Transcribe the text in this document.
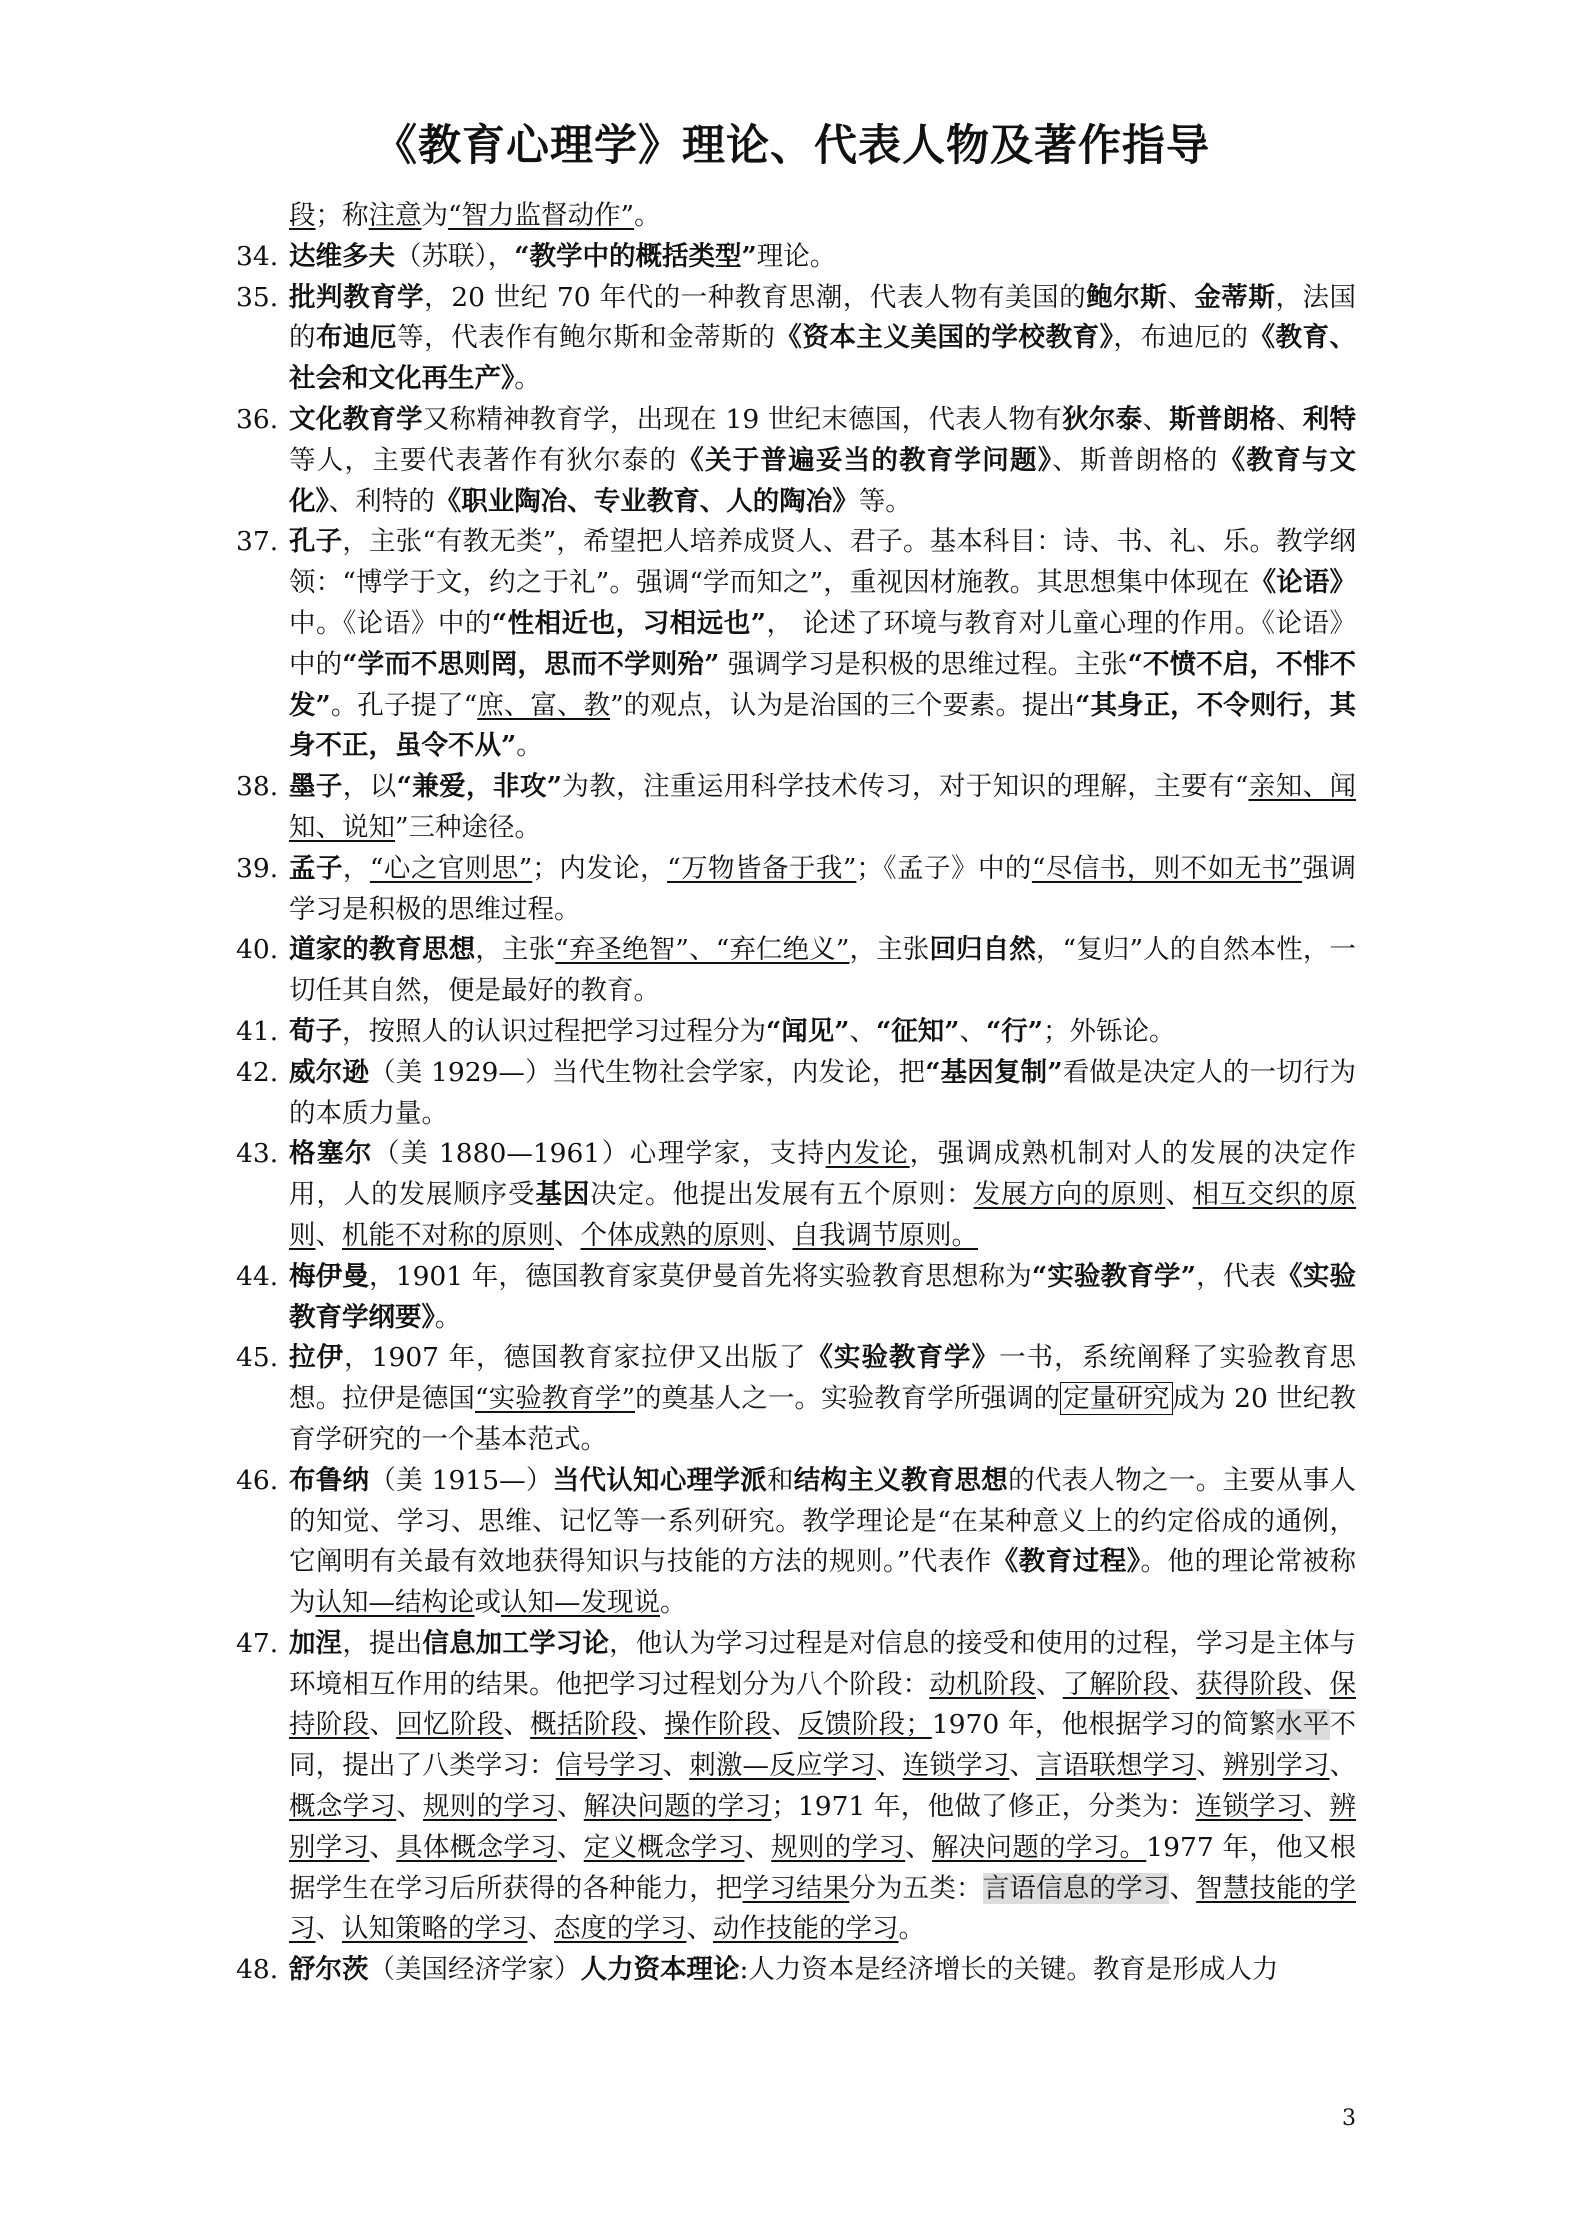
《教育心理学》理论、代表人物及著作指导
段；称注意为“智力监督动作”。
34. 达维多夫（苏联），“教学中的概括类型”理论。
35. 批判教育学，20 世纪 70 年代的一种教育思潮，代表人物有美国的鲍尔斯、金蒂斯，法国的布迪厄等，代表作有鲍尔斯和金蒂斯的《资本主义美国的学校教育》，布迪厄的《教育、社会和文化再生产》。
36. 文化教育学又称精神教育学，出现在 19 世纪末德国，代表人物有狄尔泰、斯普朗格、利特等人，主要代表著作有狄尔泰的《关于普遍妥当的教育学问题》、斯普朗格的《教育与文化》、利特的《职业陶冶、专业教育、人的陶冶》等。
37. 孔子，主张“有教无类”，希望把人培养成贤人、君子。基本科目：诗、书、礼、乐。教学纲领：“博学于文，约之于礼”。强调“学而知之”，重视因材施教。其思想集中体现在《论语》中。《论语》中的“性相近也，习相远也”， 论述了环境与教育对儿童心理的作用。《论语》中的“学而不思则罔，思而不学则殆” 强调学习是积极的思维过程。主张“不愤不启，不悱不发”。孔子提了“庶、富、教”的观点，认为是治国的三个要素。提出“其身正，不令则行，其身不正，虽令不从”。
38. 墨子，以“兼爱，非攻”为教，注重运用科学技术传习，对于知识的理解，主要有“亲知、闻知、说知”三种途径。
39. 孟子，“心之官则思”；内发论，“万物皆备于我”；《孟子》中的“尽信书，则不如无书”强调学习是积极的思维过程。
40. 道家的教育思想，主张“弃圣绝智”、“弃仁绝义”，主张回归自然，“复归”人的自然本性，一切任其自然，便是最好的教育。
41. 荀子，按照人的认识过程把学习过程分为“闻见”、“征知”、“行”；外铄论。
42. 威尔逊（美 1929—）当代生物社会学家，内发论，把“基因复制”看做是决定人的一切行为的本质力量。
43. 格塞尔（美 1880—1961）心理学家，支持内发论，强调成熟机制对人的发展的决定作用，人的发展顺序受基因决定。他提出发展有五个原则：发展方向的原则、相互交织的原则、机能不对称的原则、个体成熟的原则、自我调节原则。
44. 梅伊曼，1901 年，德国教育家莫伊曼首先将实验教育思想称为“实验教育学”，代表《实验教育学纲要》。
45. 拉伊，1907 年，德国教育家拉伊又出版了《实验教育学》一书，系统阐释了实验教育思想。拉伊是德国“实验教育学”的奠基人之一。实验教育学所强调的 定量研究 成为 20 世纪教育学研究的一个基本范式。
46. 布鲁纳（美 1915—）当代认知心理学派和结构主义教育思想的代表人物之一。主要从事人的知觉、学习、思维、记忆等一系列研究。教学理论是“在某种意义上的约定俗成的通例，它阐明有关最有效地获得知识与技能的方法的规则。”代表作《教育过程》。他的理论常被称为认知—结构论或认知—发现说。
47. 加涅，提出信息加工学习论，他认为学习过程是对信息的接受和使用的过程，学习是主体与环境相互作用的结果。他把学习过程划分为八个阶段：动机阶段、了解阶段、获得阶段、保持阶段、回忆阶段、概括阶段、操作阶段、反馈阶段；1970 年，他根据学习的简繁水平不同，提出了八类学习：信号学习、刺激—反应学习、连锁学习、言语联想学习、辨别学习、概念学习、规则的学习、解决问题的学习；1971 年，他做了修正，分类为：连锁学习、辨别学习、具体概念学习、定义概念学习、规则的学习、解决问题的学习。1977 年，他又根据学生在学习后所获得的各种能力，把学习结果分为五类：言语信息的学习、智慧技能的学习、认知策略的学习、态度的学习、动作技能的学习。
48. 舒尔茨（美国经济学家）人力资本理论:人力资本是经济增长的关键。教育是形成人力
3
